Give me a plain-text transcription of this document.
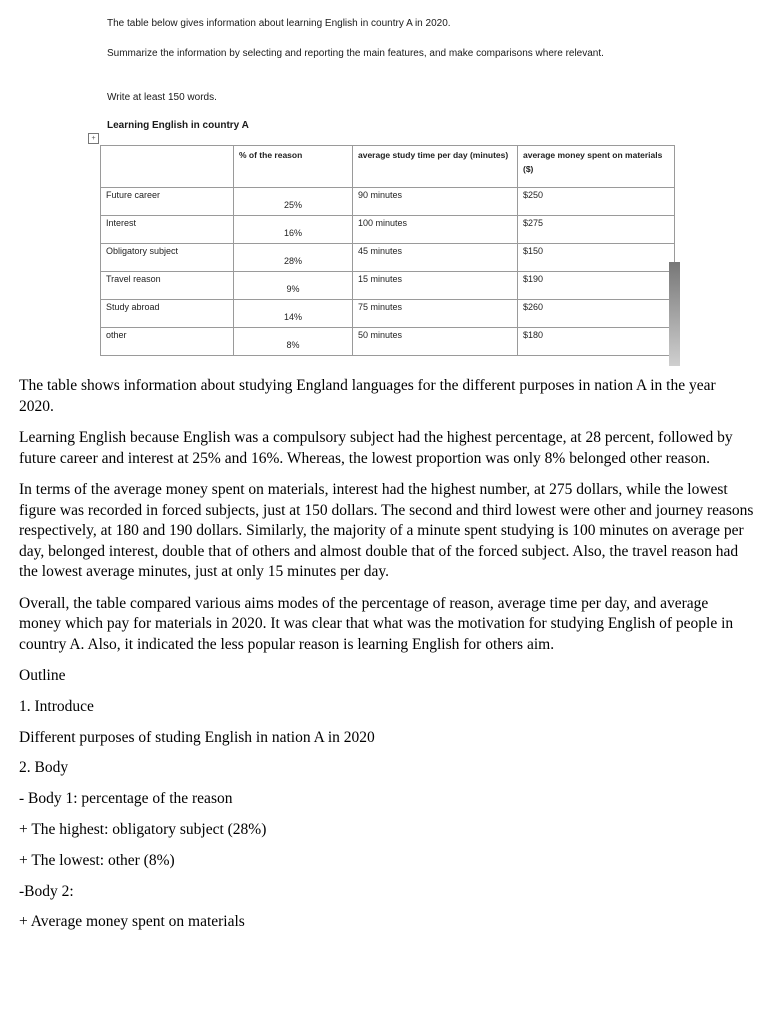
The table below gives information about learning English in country A in 2020.

Summarize the information by selecting and reporting the main features, and make comparisons where relevant.

Write at least 150 words.

Learning English in country A

+
	% of the reason	average study time per day (minutes)	average money spent on materials ($)
Future career	25%	90 minutes	$250
Interest	16%	100 minutes	$275
Obligatory subject	28%	45 minutes	$150
Travel reason	9%	15 minutes	$190
Study abroad	14%	75 minutes	$260
other	8%	50 minutes	$180

The table shows information about studying England languages for the different purposes in nation A in the year 2020.

Learning English because English was a compulsory subject had the highest percentage, at 28 percent, followed by future career and interest at 25% and 16%. Whereas, the lowest proportion was only 8% belonged other reason.

In terms of the average money spent on materials, interest had the highest number, at 275 dollars, while the lowest figure was recorded in forced subjects, just at 150 dollars. The second and third lowest were other and journey reasons respectively, at 180 and 190 dollars. Similarly, the majority of a minute spent studying is 100 minutes on average per day, belonged interest, double that of others and almost double that of the forced subject. Also, the travel reason had the lowest average minutes, just at only 15 minutes per day.

Overall, the table compared various aims modes of the percentage of reason, average time per day, and average money which pay for materials in 2020. It was clear that what was the motivation for studying English of people in country A. Also, it indicated the less popular reason is learning English for others aim.

Outline

1. Introduce

Different purposes of studing English in nation A in 2020

2. Body

- Body 1: percentage of the reason

+ The highest: obligatory subject (28%)

+ The lowest: other (8%)

-Body 2:

+ Average money spent on materials
